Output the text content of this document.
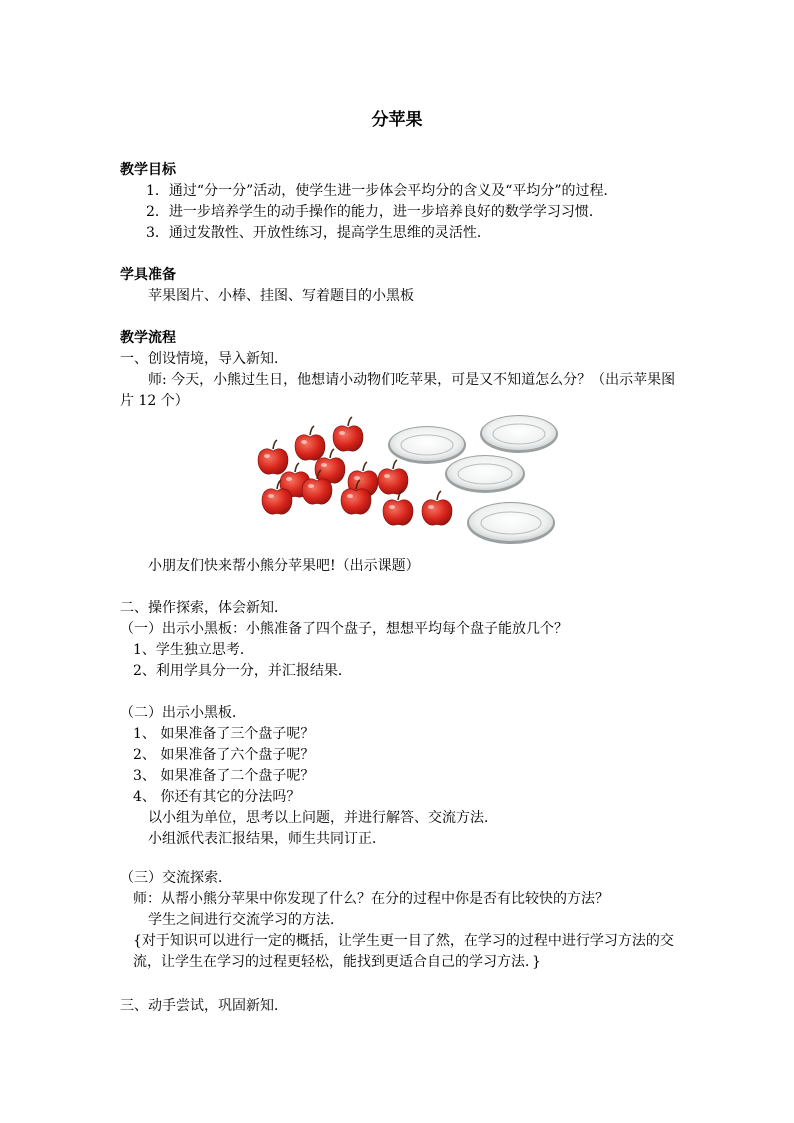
分苹果
教学目标
1．通过“分一分”活动，使学生进一步体会平均分的含义及“平均分”的过程．
2．进一步培养学生的动手操作的能力，进一步培养良好的数学学习习惯．
3．通过发散性、开放性练习，提高学生思维的灵活性．
学具准备
苹果图片、小棒、挂图、写着题目的小黑板
教学流程
一、创设情境，导入新知．
师: 今天，小熊过生日，他想请小动物们吃苹果，可是又不知道怎么分？（出示苹果图
片 12 个）
小朋友们快来帮小熊分苹果吧!（出示课题）
二、操作探索，体会新知．
（一）出示小黑板：小熊准备了四个盘子，想想平均每个盘子能放几个？
1、学生独立思考．
2、利用学具分一分，并汇报结果．
（二）出示小黑板．
1、 如果准备了三个盘子呢？
2、 如果准备了六个盘子呢？
3、 如果准备了二个盘子呢？
4、 你还有其它的分法吗？
以小组为单位，思考以上问题，并进行解答、交流方法．
小组派代表汇报结果，师生共同订正．
（三）交流探索．
师：从帮小熊分苹果中你发现了什么？在分的过程中你是否有比较快的方法？
学生之间进行交流学习的方法．
{对于知识可以进行一定的概括，让学生更一目了然，在学习的过程中进行学习方法的交
流，让学生在学习的过程更轻松，能找到更适合自己的学习方法．}
三、动手尝试，巩固新知．
